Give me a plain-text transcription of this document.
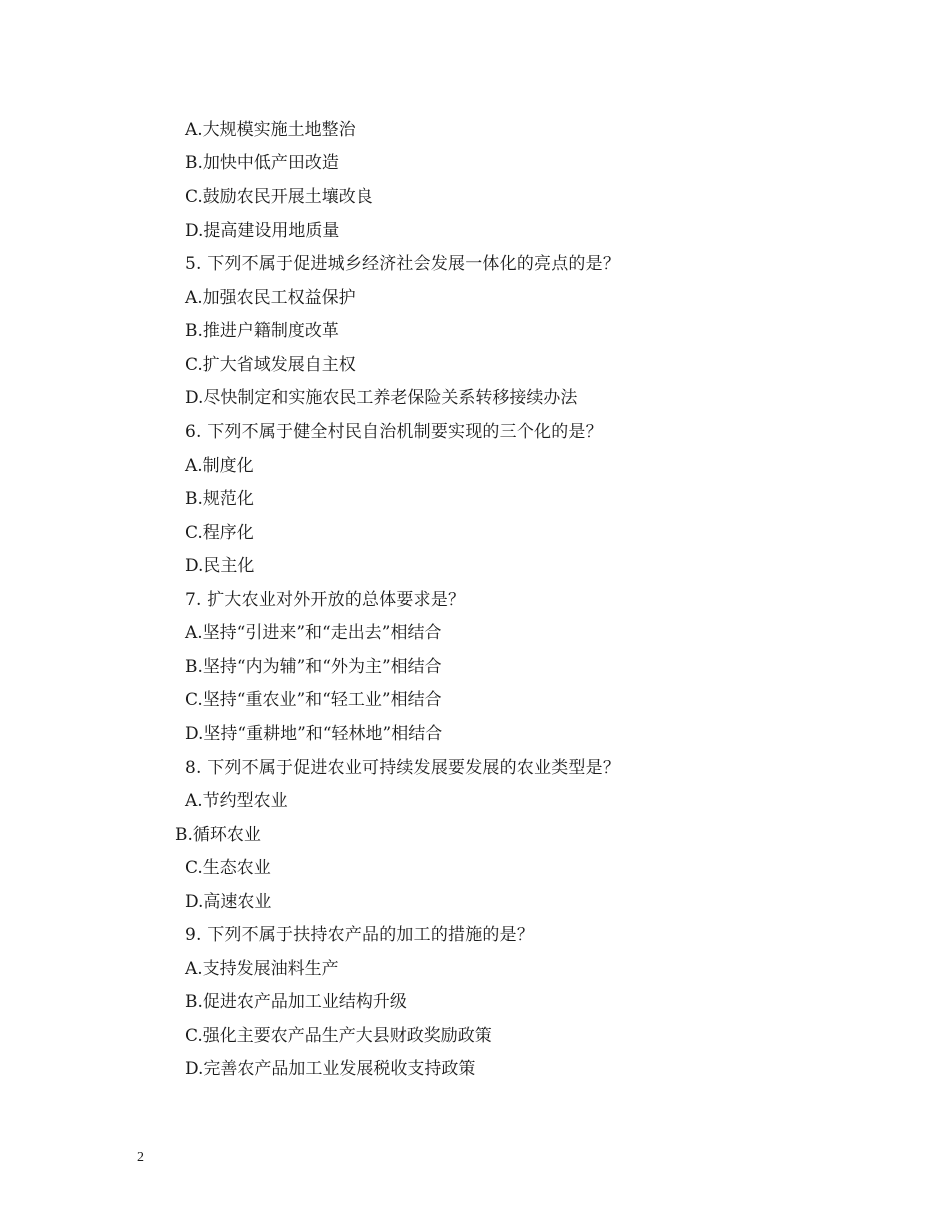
A.大规模实施土地整治
B.加快中低产田改造
C.鼓励农民开展土壤改良
D.提高建设用地质量
5. 下列不属于促进城乡经济社会发展一体化的亮点的是？
A.加强农民工权益保护
B.推进户籍制度改革
C.扩大省域发展自主权
D.尽快制定和实施农民工养老保险关系转移接续办法
6. 下列不属于健全村民自治机制要实现的三个化的是？
A.制度化
B.规范化
C.程序化
D.民主化
7. 扩大农业对外开放的总体要求是？
A.坚持“引进来”和“走出去”相结合
B.坚持“内为辅”和“外为主”相结合
C.坚持“重农业”和“轻工业”相结合
D.坚持“重耕地”和“轻林地”相结合
8. 下列不属于促进农业可持续发展要发展的农业类型是？
A.节约型农业
B.循环农业
C.生态农业
D.高速农业
9. 下列不属于扶持农产品的加工的措施的是？
A.支持发展油料生产
B.促进农产品加工业结构升级
C.强化主要农产品生产大县财政奖励政策
D.完善农产品加工业发展税收支持政策
2
